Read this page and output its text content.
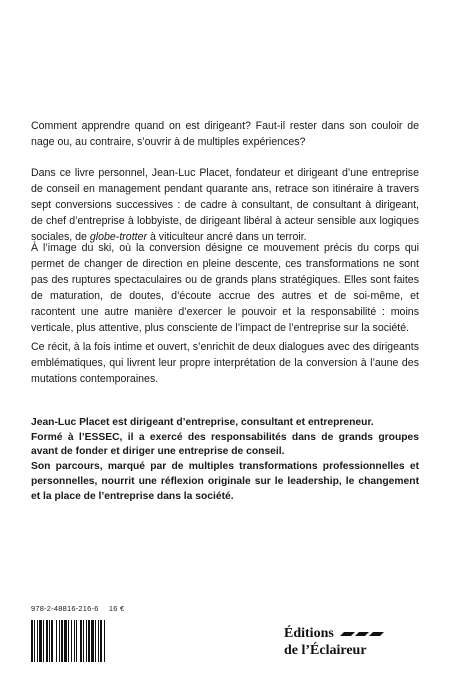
Comment apprendre quand on est dirigeant? Faut-il rester dans son couloir de nage ou, au contraire, s’ouvrir à de multiples expériences?

Dans ce livre personnel, Jean-Luc Placet, fondateur et dirigeant d’une entreprise de conseil en management pendant quarante ans, retrace son itinéraire à travers sept conversions successives : de cadre à consultant, de consultant à dirigeant, de chef d’entreprise à lobbyiste, de dirigeant libéral à acteur sensible aux logiques sociales, de globe-trotter à viticulteur ancré dans un terroir.

À l’image du ski, où la conversion désigne ce mouvement précis du corps qui permet de changer de direction en pleine descente, ces transformations ne sont pas des ruptures spectaculaires ou de grands plans stratégiques. Elles sont faites de maturation, de doutes, d’écoute accrue des autres et de soi-même, et racontent une autre manière d’exercer le pouvoir et la responsabilité : moins verticale, plus attentive, plus consciente de l’impact de l’entreprise sur la société.

Ce récit, à la fois intime et ouvert, s’enrichit de deux dialogues avec des dirigeants emblématiques, qui livrent leur propre interprétation de la conversion à l’aune des mutations contemporaines.

Jean-Luc Placet est dirigeant d’entreprise, consultant et entrepreneur.
Formé à l’ESSEC, il a exercé des responsabilités dans de grands groupes avant de fonder et diriger une entreprise de conseil.
Son parcours, marqué par de multiples transformations professionnelles et personnelles, nourrit une réflexion originale sur le leadership, le changement et la place de l’entreprise dans la société.
978-2-48816-216-6 16 €
Éditions
de l’Éclaireur
